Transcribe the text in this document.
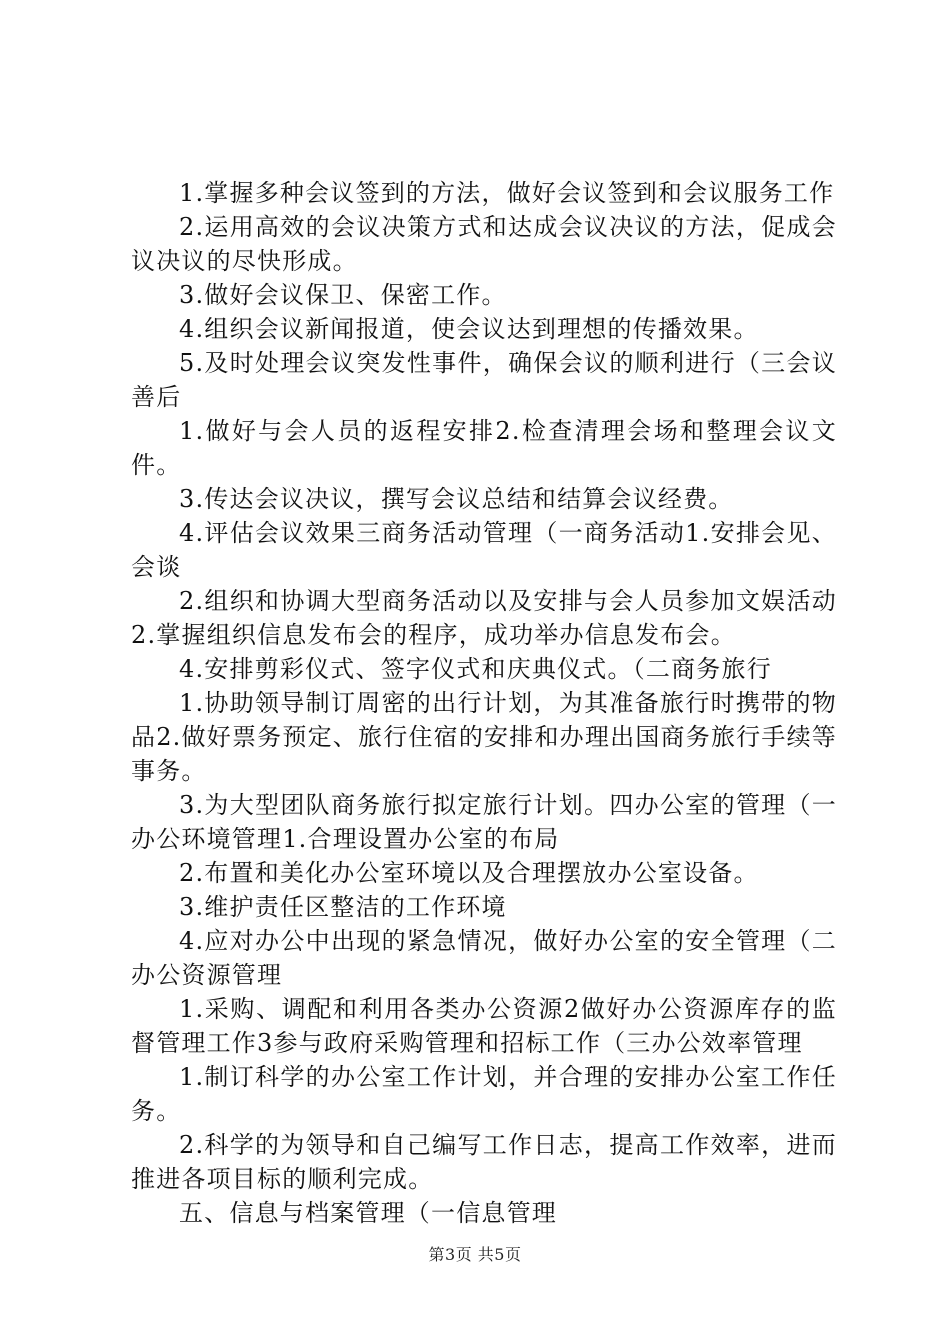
1.掌握多种会议签到的方法，做好会议签到和会议服务工作

2.运用高效的会议决策方式和达成会议决议的方法，促成会议决议的尽快形成。

3.做好会议保卫、保密工作。

4.组织会议新闻报道，使会议达到理想的传播效果。

5.及时处理会议突发性事件，确保会议的顺利进行（三会议善后

1.做好与会人员的返程安排2.检查清理会场和整理会议文件。

3.传达会议决议，撰写会议总结和结算会议经费。

4.评估会议效果三商务活动管理（一商务活动1.安排会见、会谈

2.组织和协调大型商务活动以及安排与会人员参加文娱活动2.掌握组织信息发布会的程序，成功举办信息发布会。

4.安排剪彩仪式、签字仪式和庆典仪式。（二商务旅行

1.协助领导制订周密的出行计划，为其准备旅行时携带的物品2.做好票务预定、旅行住宿的安排和办理出国商务旅行手续等事务。

3.为大型团队商务旅行拟定旅行计划。四办公室的管理（一办公环境管理1.合理设置办公室的布局

2.布置和美化办公室环境以及合理摆放办公室设备。

3.维护责任区整洁的工作环境

4.应对办公中出现的紧急情况，做好办公室的安全管理（二办公资源管理

1.采购、调配和利用各类办公资源2做好办公资源库存的监督管理工作3参与政府采购管理和招标工作（三办公效率管理

1.制订科学的办公室工作计划，并合理的安排办公室工作任务。

2.科学的为领导和自己编写工作日志，提高工作效率，进而推进各项目标的顺利完成。

五、信息与档案管理（一信息管理

第3页 共5页
